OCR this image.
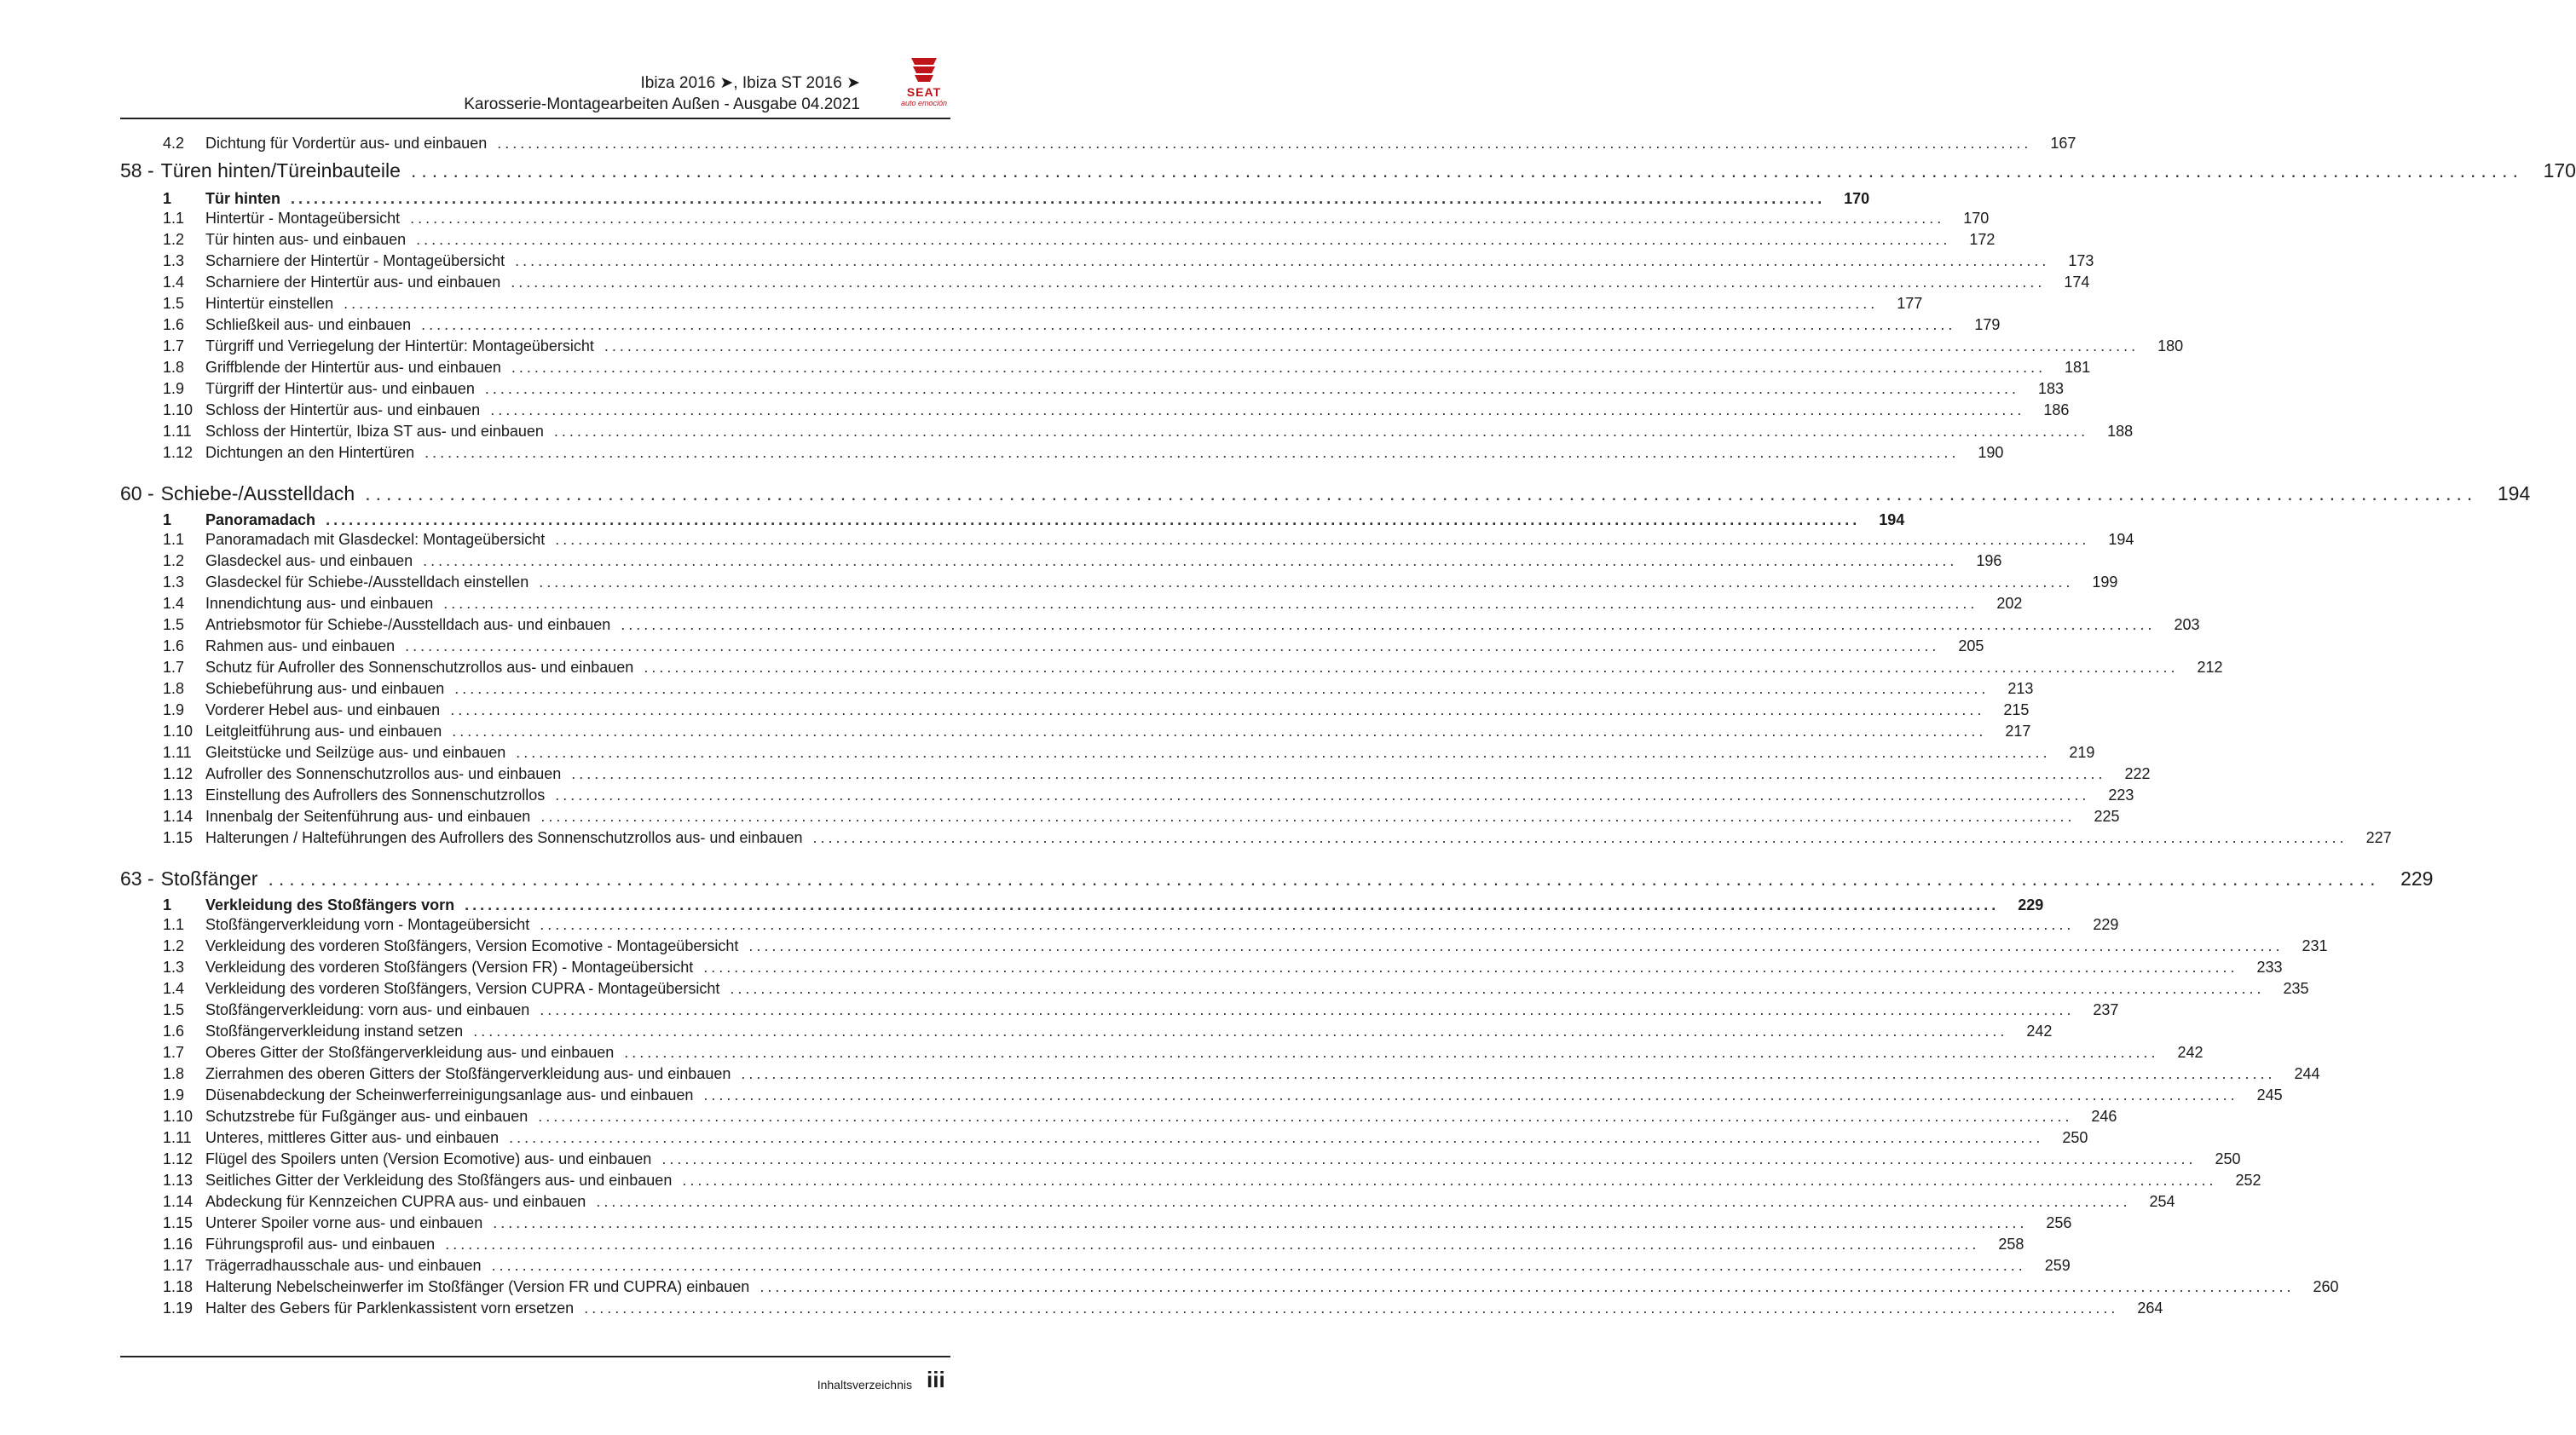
Ibiza 2016 ➤, Ibiza ST 2016 ➤
Karosserie-Montagearbeiten Außen - Ausgabe 04.2021
SEAT
auto emoción
4.2	Dichtung für Vordertür aus- und einbauen ........................................................................................................................................................................................................	167
58 - Türen hinten/Türeinbauteile ........................................................................................................................................................................................................	170
1	Tür hinten ........................................................................................................................................................................................................	170
1.1	Hintertür - Montageübersicht ........................................................................................................................................................................................................	170
1.2	Tür hinten aus- und einbauen ........................................................................................................................................................................................................	172
1.3	Scharniere der Hintertür - Montageübersicht ........................................................................................................................................................................................................	173
1.4	Scharniere der Hintertür aus- und einbauen ........................................................................................................................................................................................................	174
1.5	Hintertür einstellen ........................................................................................................................................................................................................	177
1.6	Schließkeil aus- und einbauen ........................................................................................................................................................................................................	179
1.7	Türgriff und Verriegelung der Hintertür: Montageübersicht ........................................................................................................................................................................................................	180
1.8	Griffblende der Hintertür aus- und einbauen ........................................................................................................................................................................................................	181
1.9	Türgriff der Hintertür aus- und einbauen ........................................................................................................................................................................................................	183
1.10 Schloss der Hintertür aus- und einbauen ........................................................................................................................................................................................................	186
1.11 Schloss der Hintertür, Ibiza ST aus- und einbauen ........................................................................................................................................................................................................	188
1.12 Dichtungen an den Hintertüren ........................................................................................................................................................................................................	190
60 - Schiebe-/Ausstelldach ........................................................................................................................................................................................................	194
1	Panoramadach ........................................................................................................................................................................................................	194
1.1	Panoramadach mit Glasdeckel: Montageübersicht ........................................................................................................................................................................................................	194
1.2	Glasdeckel aus- und einbauen ........................................................................................................................................................................................................	196
1.3	Glasdeckel für Schiebe-/Ausstelldach einstellen ........................................................................................................................................................................................................	199
1.4	Innendichtung aus- und einbauen ........................................................................................................................................................................................................	202
1.5	Antriebsmotor für Schiebe-/Ausstelldach aus- und einbauen ........................................................................................................................................................................................................	203
1.6	Rahmen aus- und einbauen ........................................................................................................................................................................................................	205
1.7	Schutz für Aufroller des Sonnenschutzrollos aus- und einbauen ........................................................................................................................................................................................................	212
1.8	Schiebeführung aus- und einbauen ........................................................................................................................................................................................................	213
1.9	Vorderer Hebel aus- und einbauen ........................................................................................................................................................................................................	215
1.10 Leitgleitführung aus- und einbauen ........................................................................................................................................................................................................	217
1.11 Gleitstücke und Seilzüge aus- und einbauen ........................................................................................................................................................................................................	219
1.12 Aufroller des Sonnenschutzrollos aus- und einbauen ........................................................................................................................................................................................................	222
1.13 Einstellung des Aufrollers des Sonnenschutzrollos ........................................................................................................................................................................................................	223
1.14 Innenbalg der Seitenführung aus- und einbauen ........................................................................................................................................................................................................	225
1.15 Halterungen / Halteführungen des Aufrollers des Sonnenschutzrollos aus- und einbauen ........................................................................................................................................................................................................	227
63 - Stoßfänger ........................................................................................................................................................................................................	229
1	Verkleidung des Stoßfängers vorn ........................................................................................................................................................................................................	229
1.1	Stoßfängerverkleidung vorn - Montageübersicht ........................................................................................................................................................................................................	229
1.2	Verkleidung des vorderen Stoßfängers, Version Ecomotive - Montageübersicht ........................................................................................................................................................................................................	231
1.3	Verkleidung des vorderen Stoßfängers (Version FR) - Montageübersicht ........................................................................................................................................................................................................	233
1.4	Verkleidung des vorderen Stoßfängers, Version CUPRA - Montageübersicht ........................................................................................................................................................................................................	235
1.5	Stoßfängerverkleidung: vorn aus- und einbauen ........................................................................................................................................................................................................	237
1.6	Stoßfängerverkleidung instand setzen ........................................................................................................................................................................................................	242
1.7	Oberes Gitter der Stoßfängerverkleidung aus- und einbauen ........................................................................................................................................................................................................	242
1.8	Zierrahmen des oberen Gitters der Stoßfängerverkleidung aus- und einbauen ........................................................................................................................................................................................................	244
1.9	Düsenabdeckung der Scheinwerferreinigungsanlage aus- und einbauen ........................................................................................................................................................................................................	245
1.10 Schutzstrebe für Fußgänger aus- und einbauen ........................................................................................................................................................................................................	246
1.11 Unteres, mittleres Gitter aus- und einbauen ........................................................................................................................................................................................................	250
1.12 Flügel des Spoilers unten (Version Ecomotive) aus- und einbauen ........................................................................................................................................................................................................	250
1.13 Seitliches Gitter der Verkleidung des Stoßfängers aus- und einbauen ........................................................................................................................................................................................................	252
1.14 Abdeckung für Kennzeichen CUPRA aus- und einbauen ........................................................................................................................................................................................................	254
1.15 Unterer Spoiler vorne aus- und einbauen ........................................................................................................................................................................................................	256
1.16 Führungsprofil aus- und einbauen ........................................................................................................................................................................................................	258
1.17 Trägerradhausschale aus- und einbauen ........................................................................................................................................................................................................	259
1.18 Halterung Nebelscheinwerfer im Stoßfänger (Version FR und CUPRA) einbauen ........................................................................................................................................................................................................	260
1.19 Halter des Gebers für Parklenkassistent vorn ersetzen ........................................................................................................................................................................................................	264
Inhaltsverzeichnis iii
